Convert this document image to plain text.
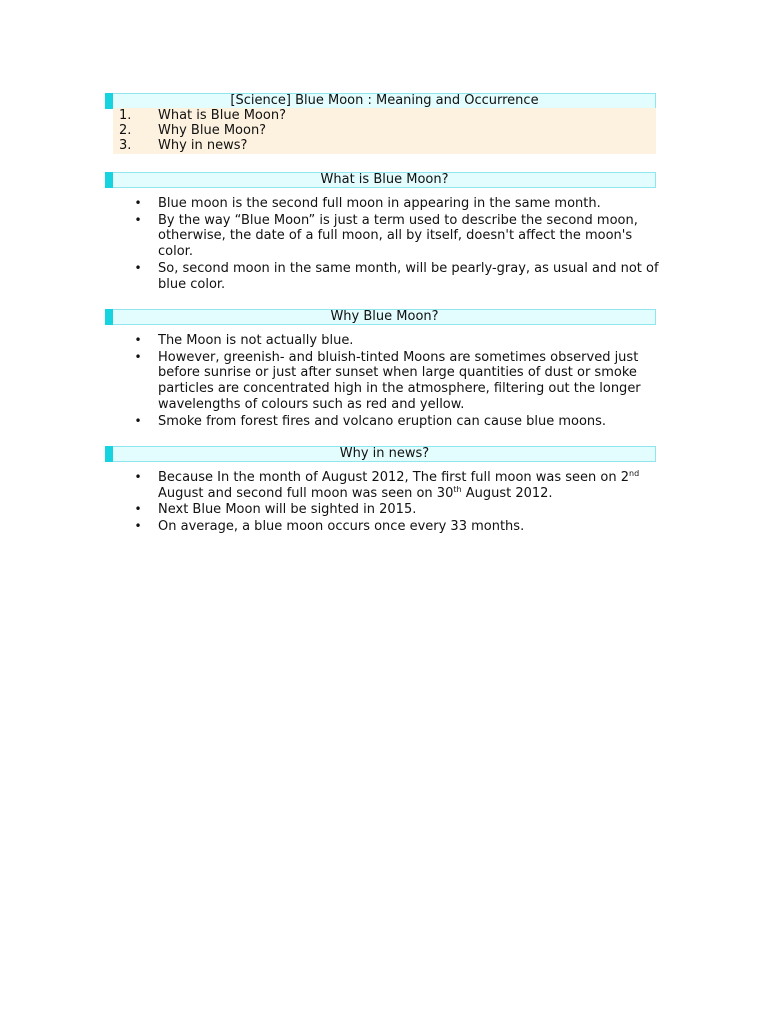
[Science] Blue Moon : Meaning and Occurrence
1.	What is Blue Moon?
2.	Why Blue Moon?
3.	Why in news?
What is Blue Moon?
• Blue moon is the second full moon in appearing in the same month.
• By the way “Blue Moon” is just a term used to describe the second moon, otherwise, the date of a full moon, all by itself, doesn't affect the moon's color.
• So, second moon in the same month, will be pearly-gray, as usual and not of blue color.
Why Blue Moon?
• The Moon is not actually blue.
• However, greenish- and bluish-tinted Moons are sometimes observed just before sunrise or just after sunset when large quantities of dust or smoke particles are concentrated high in the atmosphere, filtering out the longer wavelengths of colours such as red and yellow.
• Smoke from forest fires and volcano eruption can cause blue moons.
Why in news?
• Because In the month of August 2012, The first full moon was seen on 2nd August and second full moon was seen on 30th August 2012.
• Next Blue Moon will be sighted in 2015.
• On average, a blue moon occurs once every 33 months.
